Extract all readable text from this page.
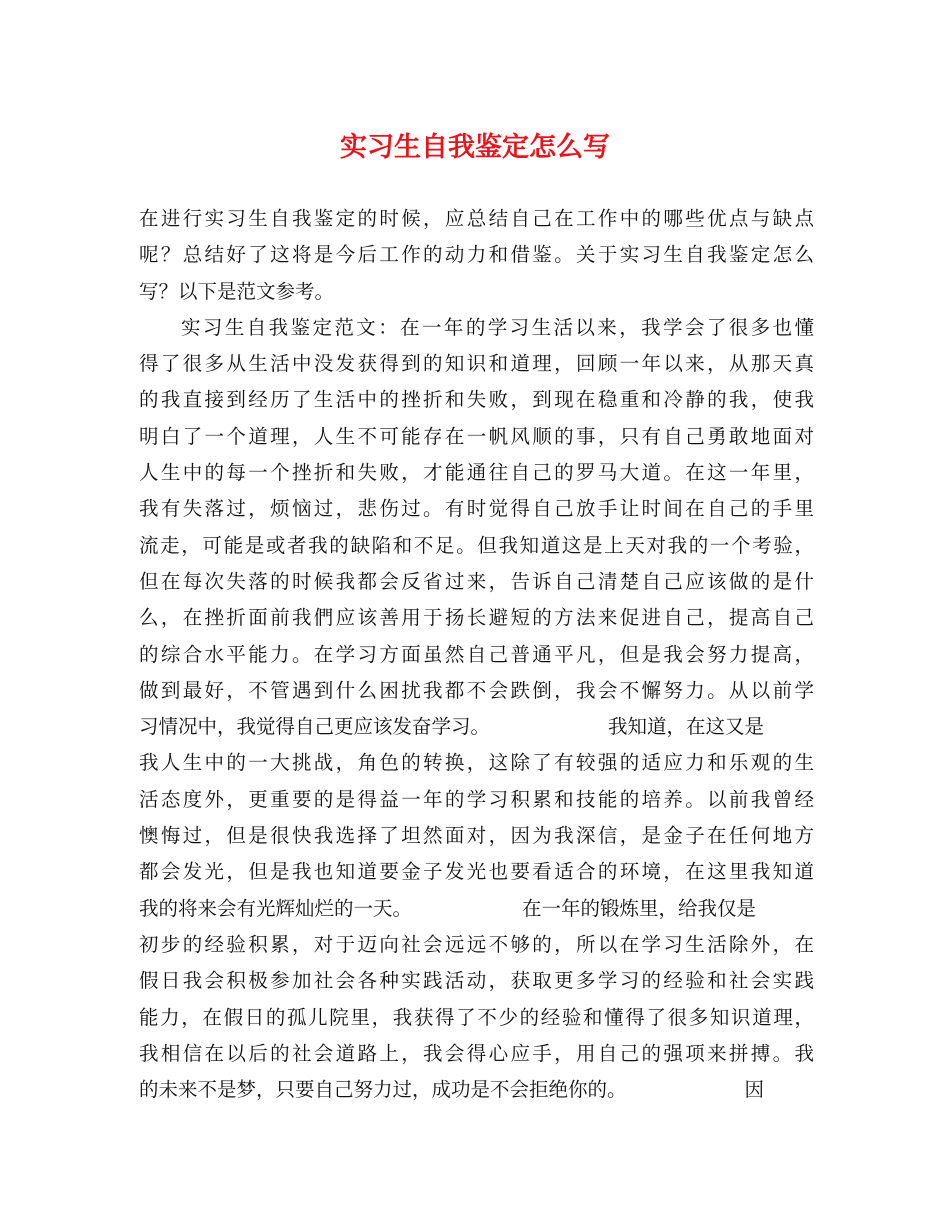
实习生自我鉴定怎么写
在进行实习生自我鉴定的时候，应总结自己在工作中的哪些优点与缺点
呢？总结好了这将是今后工作的动力和借鉴。关于实习生自我鉴定怎么
写？以下是范文参考。
实习生自我鉴定范文：在一年的学习生活以来，我学会了很多也懂
得了很多从生活中没发获得到的知识和道理，回顾一年以来，从那天真
的我直接到经历了生活中的挫折和失败，到现在稳重和冷静的我，使我
明白了一个道理，人生不可能存在一帆风顺的事，只有自己勇敢地面对
人生中的每一个挫折和失败，才能通往自己的罗马大道。在这一年里，
我有失落过，烦恼过，悲伤过。有时觉得自己放手让时间在自己的手里
流走，可能是或者我的缺陷和不足。但我知道这是上天对我的一个考验，
但在每次失落的时候我都会反省过来，告诉自己清楚自己应该做的是什
么，在挫折面前我們应该善用于扬长避短的方法来促进自己，提高自己
的综合水平能力。在学习方面虽然自己普通平凡，但是我会努力提高，
做到最好，不管遇到什么困扰我都不会跌倒，我会不懈努力。从以前学
习情况中，我觉得自己更应该发奋学习。	我知道，在这又是
我人生中的一大挑战，角色的转换，这除了有较强的适应力和乐观的生
活态度外，更重要的是得益一年的学习积累和技能的培养。以前我曾经
懊悔过，但是很快我选择了坦然面对，因为我深信，是金子在任何地方
都会发光，但是我也知道要金子发光也要看适合的环境，在这里我知道
我的将来会有光辉灿烂的一天。	在一年的锻炼里，给我仅是
初步的经验积累，对于迈向社会远远不够的，所以在学习生活除外，在
假日我会积极参加社会各种实践活动，获取更多学习的经验和社会实践
能力，在假日的孤儿院里，我获得了不少的经验和懂得了很多知识道理，
我相信在以后的社会道路上，我会得心应手，用自己的强项来拼搏。我
的未来不是梦，只要自己努力过，成功是不会拒绝你的。	因
